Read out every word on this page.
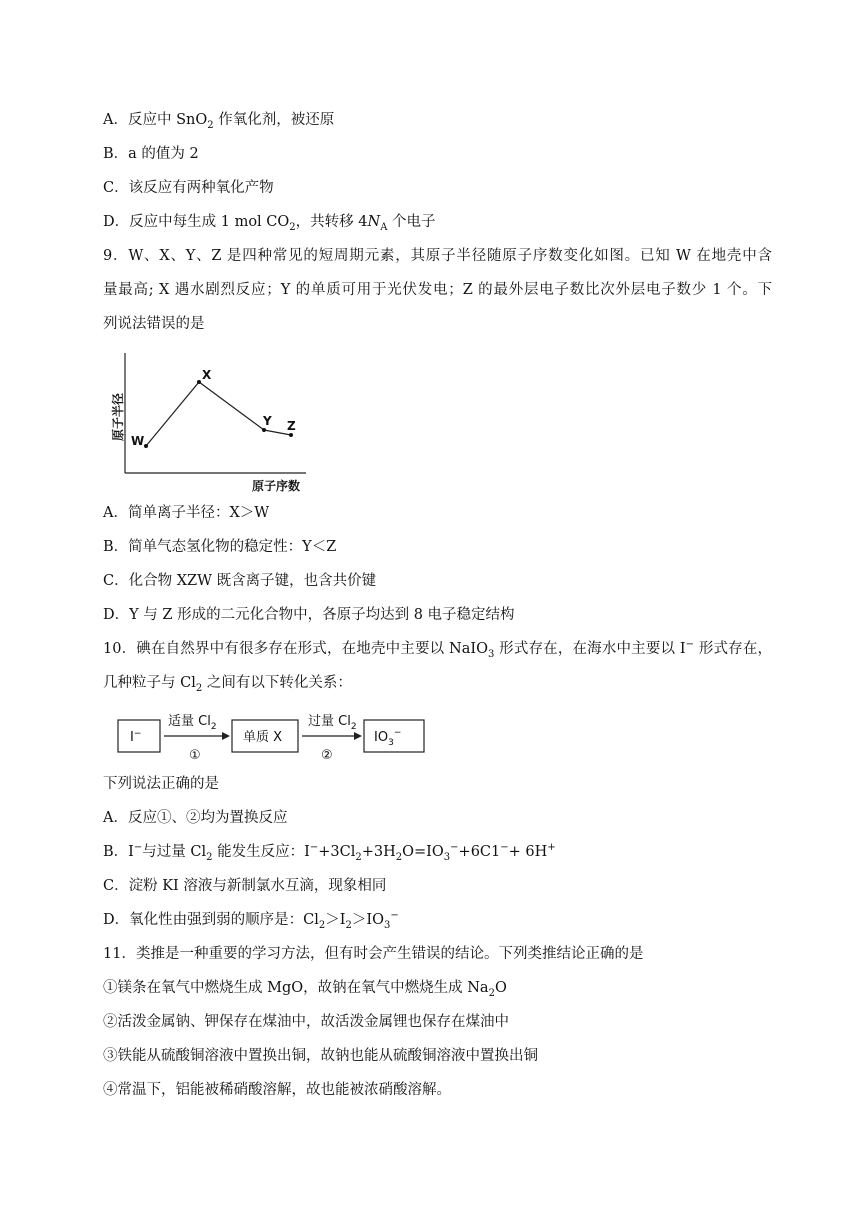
A．反应中 SnO$_2$ 作氧化剂，被还原
B．a 的值为 2
C．该反应有两种氧化产物
D．反应中每生成 1 mol $CO_2$，共转移 $4N_A$ 个电子
9．W、X、Y、Z 是四种常见的短周期元素，其原子半径随原子序数变化如图。已知 W 在地壳中含
量最高; X 遇水剧烈反应；Y 的单质可用于光伏发电；Z 的最外层电子数比次外层电子数少 1 个。下
列说法错误的是
原子半径
原子序数
W
X
Y Z
A．简单离子半径：X＞W
B．简单气态氢化物的稳定性：Y＜Z
C．化合物 XZW 既含离子键，也含共价键
D．Y 与 Z 形成的二元化合物中，各原子均达到 8 电子稳定结构
10．碘在自然界中有很多存在形式，在地壳中主要以 NaIO$_3$ 形式存在，在海水中主要以 I− 形式存在，
几种粒子与 $Cl_2$ 之间有以下转化关系：
I−
适量 $Cl_2$
①
单质 X
过量 $Cl_2$
②
$IO_3^-$
下列说法正确的是
A．反应①、②均为置换反应
B．I−与过量 $Cl_2$ 能发生反应：$I^-+3Cl_2+3H_2O=IO_3^-+6C1^-+ 6H^+$
C．淀粉 KI 溶液与新制氯水互滴，现象相同
D．氧化性由强到弱的顺序是：$Cl_2>I_2>IO_3^-$
11．类推是一种重要的学习方法，但有时会产生错误的结论。下列类推结论正确的是
①镁条在氧气中燃烧生成 MgO，故钠在氧气中燃烧生成 $Na_2O$
②活泼金属钠、钾保存在煤油中，故活泼金属锂也保存在煤油中
③铁能从硫酸铜溶液中置换出铜，故钠也能从硫酸铜溶液中置换出铜
④常温下，铝能被稀硝酸溶解，故也能被浓硝酸溶解。
